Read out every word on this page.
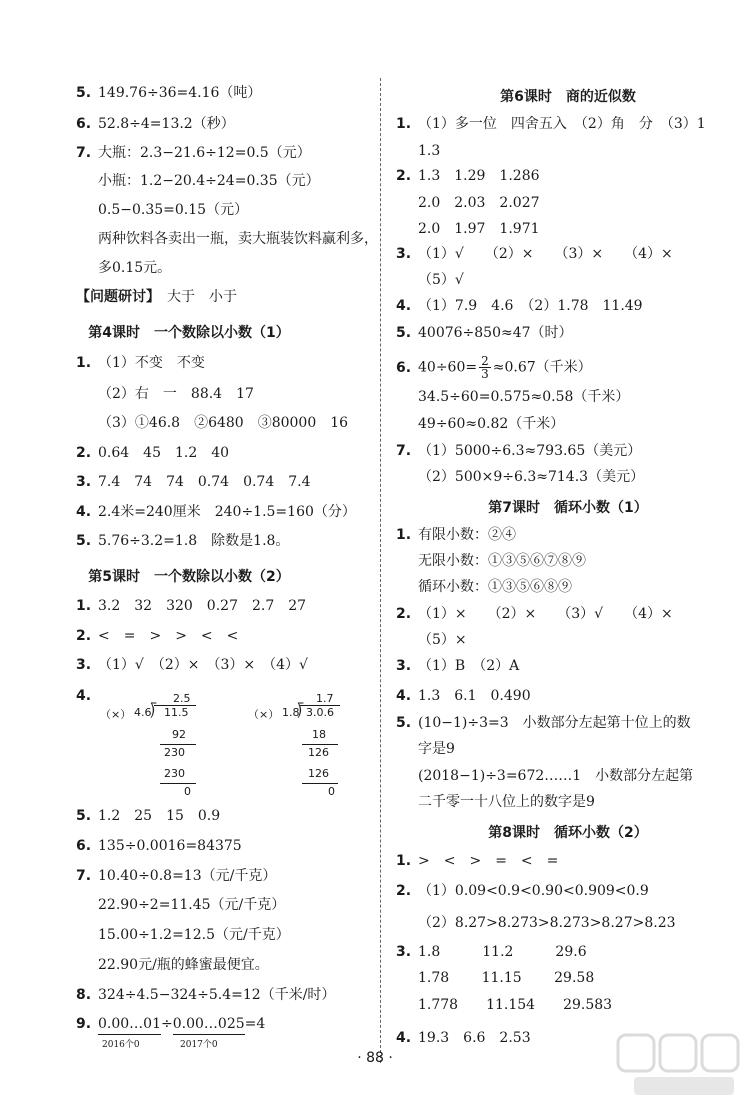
5. 149.76÷36=4.16（吨）
6. 52.8÷4=13.2（秒）
7. 大瓶：2.3−21.6÷12=0.5（元）
小瓶：1.2−20.4÷24=0.35（元）
0.5−0.35=0.15（元）
两种饮料各卖出一瓶，卖大瓶装饮料赢利多，
多0.15元。
【问题研讨】　 大于　小于
第4课时　一个数除以小数（1）
1. （1）不变　不变
（2）右　一　88.4　17
（3）①46.8　②6480　③80000　16
2. 0.64　45　1.2　40
3. 7.4　74　74　0.74　0.74　7.4
4. 2.4米=240厘米　240÷1.5=160（分）
5. 5.76÷3.2=1.8　除数是1.8。
第5课时　一个数除以小数（2）
1. 3.2　32　320　0.27　2.7　27
2. <　=　>　>　<　<
3. （1）√　（2）×　（3）×　（4）√
4.
（×）
2.5
4.6
⟌ 11.5
92
230
230
0
（×）
1.7
1.8
⟌ 3.0.6
18
126
126
0
5. 1.2　25　15　0.9
6. 135÷0.0016=84375
7. 10.40÷0.8=13（元/千克）
22.90÷2=11.45（元/千克）
15.00÷1.2=12.5（元/千克）
22.90元/瓶的蜂蜜最便宜。
8. 324÷4.5−324÷5.4=12（千米/时）
9. 0.00…01÷0.00…025=4
2016个0	2017个0
第6课时　商的近似数
1. （1）多一位　四舍五入　（2）角　分　（3）1
1.3
2. 1.3　1.29　1.286
2.0　2.03　2.027
2.0　1.97　1.971
3. （1）√　　（2）×　　（3）×　　（4）×
（5）√
4. （1）7.9　4.6　（2）1.78　11.49
5. 40076÷850≈47（时）
6. $40\div 60= \frac{2}{3} \approx 0.67$（千米）
34.5÷60=0.575≈0.58（千米）
49÷60≈0.82（千米）
7. （1）5000÷6.3≈793.65（美元）
（2）500×9÷6.3≈714.3（美元）
第7课时　循环小数（1）
1. 有限小数：②④
无限小数：①③⑤⑥⑦⑧⑨
循环小数：①③⑤⑥⑧⑨
2. （1）×　　（2）×　　（3）√　　（4）×
（5）×
3. （1）B　（2）A
4. 1.3　6.1　0.490
5. (10−1)÷3=3　小数部分左起第十位上的数
字是9
(2018−1)÷3=672……1　小数部分左起第
二千零一十八位上的数字是9
第8课时　循环小数（2）
1. >　<　>　=　<　=
2. （1）0.09<0.9<0.90<0.909<0.9
（2）8.27>8.273>8.273>8.27>8.23
3. 1.8　　　11.2　　　29.6
1.78　　 11.15　　 29.58
1.778　　11.154　　29.583
4. 19.3　6.6　2.53
· 88 ·
